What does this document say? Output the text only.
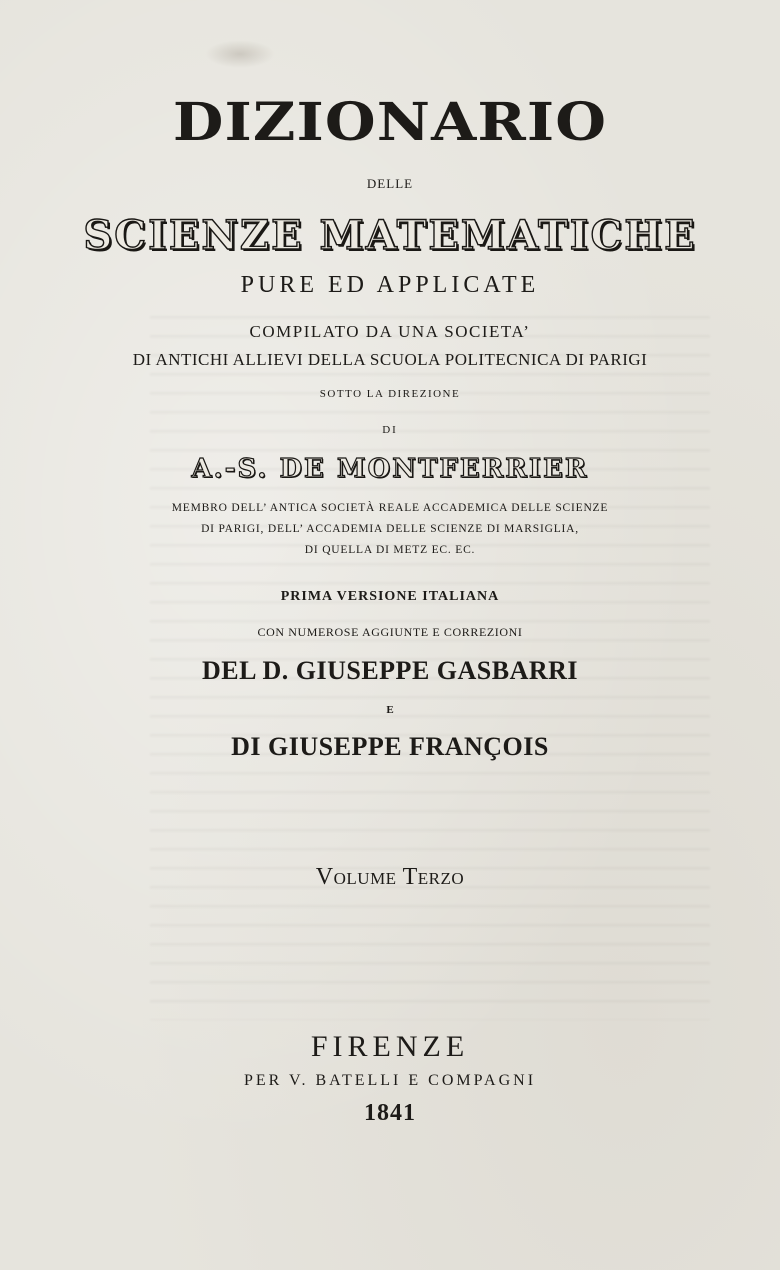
DIZIONARIO
DELLE
SCIENZE MATEMATICHE
PURE ED APPLICATE
COMPILATO DA UNA SOCIETA’
DI ANTICHI ALLIEVI DELLA SCUOLA POLITECNICA DI PARIGI
SOTTO LA DIREZIONE
DI
A.-S. DE MONTFERRIER
MEMBRO DELL’ ANTICA SOCIETÀ REALE ACCADEMICA DELLE SCIENZE
DI PARIGI, DELL’ ACCADEMIA DELLE SCIENZE DI MARSIGLIA,
DI QUELLA DI METZ EC. EC.
PRIMA VERSIONE ITALIANA
CON NUMEROSE AGGIUNTE E CORREZIONI
DEL D. GIUSEPPE GASBARRI
E
DI GIUSEPPE FRANÇOIS
Volume Terzo
FIRENZE
PER V. BATELLI E COMPAGNI
1841
